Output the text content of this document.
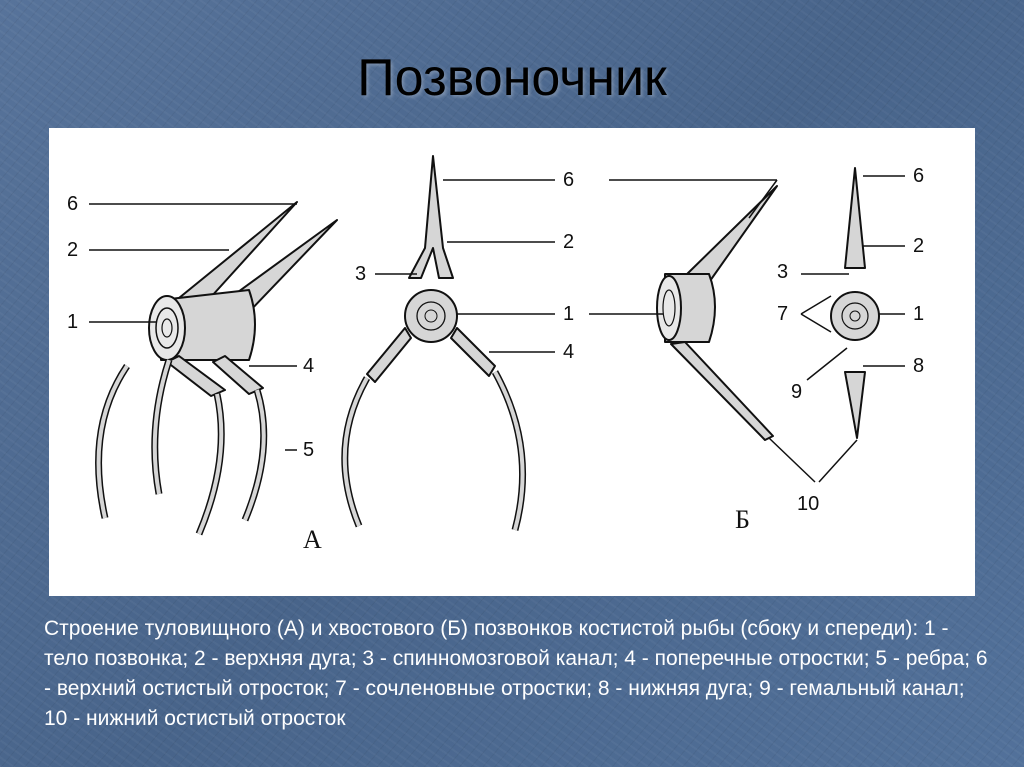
Позвоночник
6
2
1
4
5
3
6
2
1
4
6
2
3
7	1
8
9
10
А
Б
Строение туловищного (А) и хвостового (Б) позвонков костистой рыбы (сбоку и спереди): 1 - тело позвонка; 2 - верхняя дуга; 3 - спинномозговой канал; 4 - поперечные отростки; 5 - ребра; 6 - верхний остистый отросток; 7 - сочленовные отростки; 8 - нижняя дуга; 9 - гемальный канал; 10 - нижний остистый отросток
